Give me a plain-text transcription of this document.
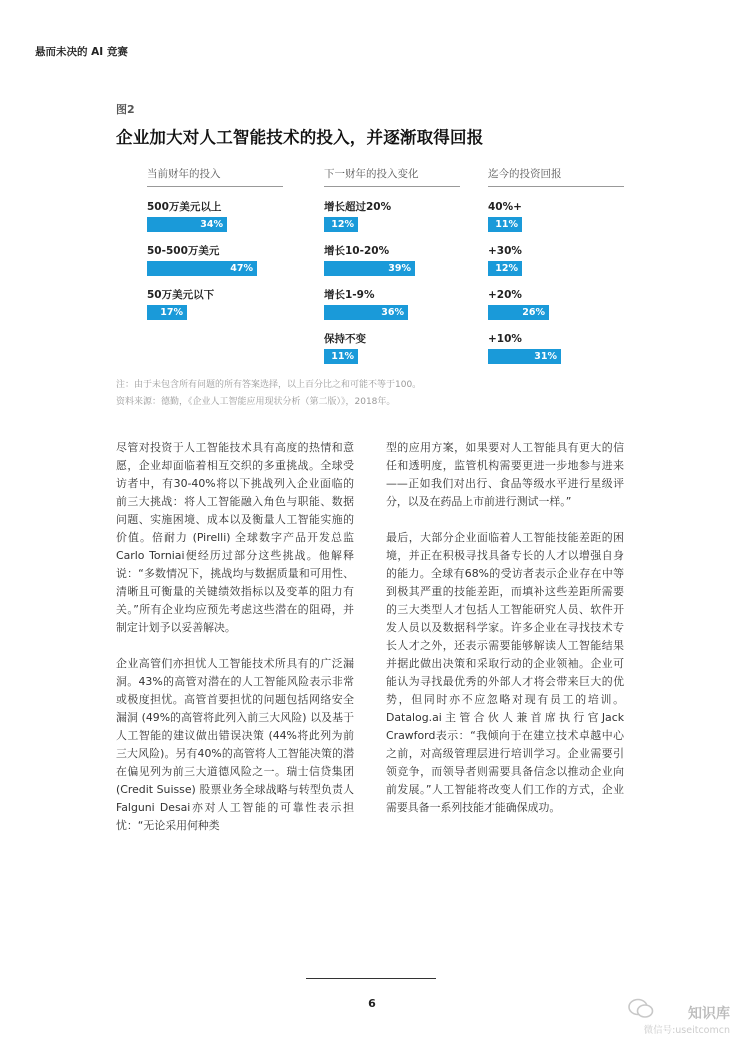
悬而未决的 AI 竞赛
图2
企业加大对人工智能技术的投入，并逐渐取得回报
当前财年的投入
500万美元以上
34%
50-500万美元
47%
50万美元以下
17%
下一财年的投入变化
增长超过20%
12%
增长10-20%
39%
增长1-9%
36%
保持不变
11%
迄今的投资回报
40%+
11%
+30%
12%
+20%
26%
+10%
31%
注：由于未包含所有问题的所有答案选择，以上百分比之和可能不等于100。
资料来源：德勤，《企业人工智能应用现状分析（第二版）》，2018年。

尽管对投资于人工智能技术具有高度的热情和意愿，企业却面临着相互交织的多重挑战。全球受访者中，有30-40%将以下挑战列入企业面临的前三大挑战：将人工智能融入角色与职能、数据问题、实施困境、成本以及衡量人工智能实施的价值。倍耐力 (Pirelli) 全球数字产品开发总监Carlo Torniai便经历过部分这些挑战。他解释说：“多数情况下，挑战均与数据质量和可用性、清晰且可衡量的关键绩效指标以及变革的阻力有关。”所有企业均应预先考虑这些潜在的阻碍，并制定计划予以妥善解决。

企业高管们亦担忧人工智能技术所具有的广泛漏洞。43%的高管对潜在的人工智能风险表示非常或极度担忧。高管首要担忧的问题包括网络安全漏洞 (49%的高管将此列入前三大风险) 以及基于人工智能的建议做出错误决策 (44%将此列为前三大风险)。另有40%的高管将人工智能决策的潜在偏见列为前三大道德风险之一。瑞士信贷集团 (Credit Suisse) 股票业务全球战略与转型负责人Falguni Desai亦对人工智能的可靠性表示担忧：“无论采用何种类

型的应用方案，如果要对人工智能具有更大的信任和透明度，监管机构需要更进一步地参与进来——正如我们对出行、食品等级水平进行星级评分，以及在药品上市前进行测试一样。”

最后，大部分企业面临着人工智能技能差距的困境，并正在积极寻找具备专长的人才以增强自身的能力。全球有68%的受访者表示企业存在中等到极其严重的技能差距，而填补这些差距所需要的三大类型人才包括人工智能研究人员、软件开发人员以及数据科学家。许多企业在寻找技术专长人才之外，还表示需要能够解读人工智能结果并据此做出决策和采取行动的企业领袖。企业可能认为寻找最优秀的外部人才将会带来巨大的优势，但同时亦不应忽略对现有员工的培训。Datalog.ai主管合伙人兼首席执行官Jack Crawford表示：“我倾向于在建立技术卓越中心之前，对高级管理层进行培训学习。企业需要引领竞争，而领导者则需要具备信念以推动企业向前发展。”人工智能将改变人们工作的方式，企业需要具备一系列技能才能确保成功。

6
知识库
微信号:useitcomcn
